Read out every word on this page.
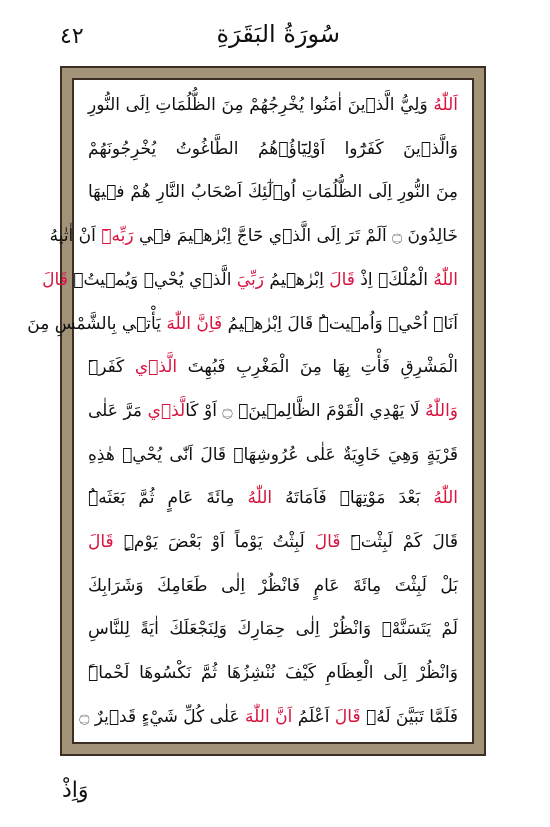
٤٢	سُورَةُ البَقَرَةِ
اَللّٰهُ وَلِيُّ الَّذ۪ينَ اٰمَنُوا يُخْرِجُهُمْ مِنَ الظُّلُمَاتِ اِلَى النُّورِ
وَالَّذ۪ينَ كَفَرُٓوا اَوْلِيَٓاؤُ۬هُمُ الطَّاغُوتُ يُخْرِجُونَهُمْ
مِنَ النُّورِ اِلَى الظُّلُمَاتِ اُو۬لٰٓئِكَ اَصْحَابُ النَّارِ هُمْ ف۪يهَا
خَالِدُونَ ۝ اَلَمْ تَرَ اِلَى الَّذ۪ي حَٓاجَّ اِبْرٰه۪يمَ ف۪ي رَبِّه۪ٓ اَنْ اٰتٰيهُ
اللّٰهُ الْمُلْكَۢ اِذْ قَالَ اِبْرٰه۪يمُ رَبِّيَ الَّذ۪ي يُحْي۪ وَيُم۪يتُۙ قَالَ
اَنَا۬ اُحْي۪ وَاُم۪يتُۜ قَالَ اِبْرٰه۪يمُ فَاِنَّ اللّٰهَ يَأْت۪ي بِالشَّمْسِ مِنَ
الْمَشْرِقِ فَأْتِ بِهَا مِنَ الْمَغْرِبِ فَبُهِتَ الَّذ۪ي كَفَرَۜ
وَاللّٰهُ لَا يَهْدِي الْقَوْمَ الظَّالِم۪ينَۚ ۝ اَوْ كَالَّذ۪ي مَرَّ عَلٰى
قَرْيَةٍ وَهِيَ خَاوِيَةٌ عَلٰى عُرُوشِهَاۚ قَالَ اَنّٰى يُحْي۪ هٰذِهِ
اللّٰهُ بَعْدَ مَوْتِهَاۚ فَاَمَاتَهُ اللّٰهُ مِائَةَ عَامٍ ثُمَّ بَعَثَهُۜ
قَالَ كَمْ لَبِثْتَۜ قَالَ لَبِثْتُ يَوْماً اَوْ بَعْضَ يَوْمٍۜ قَالَ
بَلْ لَبِثْتَ مِائَةَ عَامٍ فَانْظُرْ اِلٰى طَعَامِكَ وَشَرَابِكَ
لَمْ يَتَسَنَّهْۚ وَانْظُرْ اِلٰى حِمَارِكَ وَلِنَجْعَلَكَ اٰيَةً لِلنَّاسِ
وَانْظُرْ اِلَى الْعِظَامِ كَيْفَ نُنْشِزُهَا ثُمَّ نَكْسُوهَا لَحْماًۜ
فَلَمَّا تَبَيَّنَ لَهُۙ قَالَ اَعْلَمُ اَنَّ اللّٰهَ عَلٰى كُلِّ شَيْءٍ قَد۪يرٌ ۝
وَاِذْ
